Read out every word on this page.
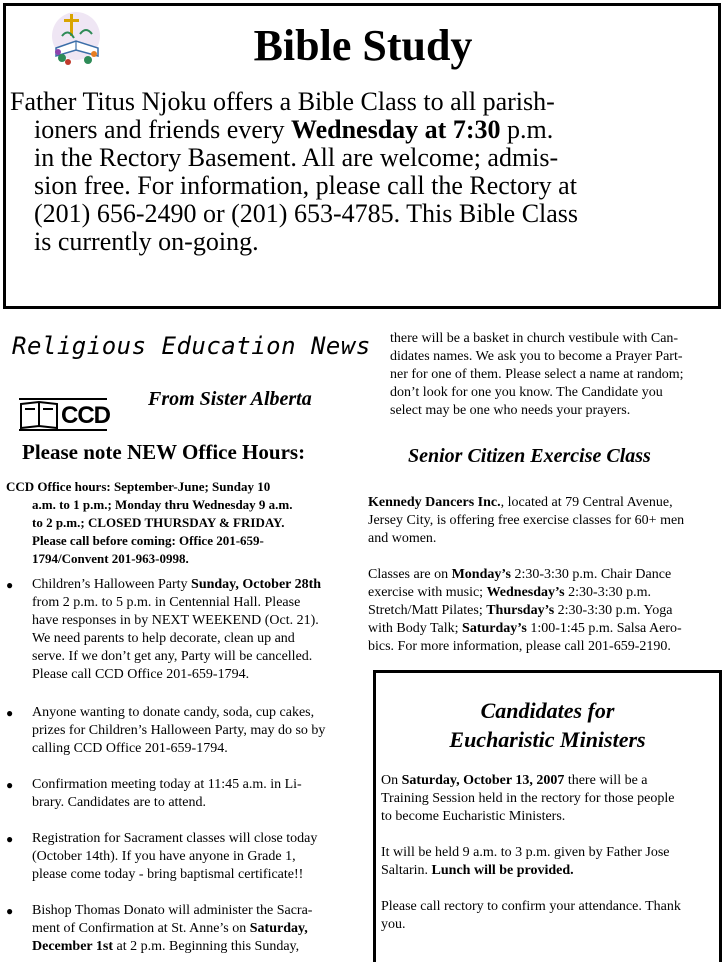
Bible Study
Father Titus Njoku offers a Bible Class to all parish-
ioners and friends every Wednesday at 7:30 p.m.
in the Rectory Basement. All are welcome; admis-
sion free. For information, please call the Rectory at
(201) 656-2490 or (201) 653-4785. This Bible Class
is currently on-going.
Religious Education News
CCD
From Sister Alberta
Please note NEW Office Hours:
CCD Office hours: September-June; Sunday 10
a.m. to 1 p.m.; Monday thru Wednesday 9 a.m.
to 2 p.m.; CLOSED THURSDAY & FRIDAY.
Please call before coming: Office 201-659-
1794/Convent 201-963-0998.
● Children’s Halloween Party Sunday, October 28th
from 2 p.m. to 5 p.m. in Centennial Hall. Please
have responses in by NEXT WEEKEND (Oct. 21).
We need parents to help decorate, clean up and
serve. If we don’t get any, Party will be cancelled.
Please call CCD Office 201-659-1794.
● Anyone wanting to donate candy, soda, cup cakes,
prizes for Children’s Halloween Party, may do so by
calling CCD Office 201-659-1794.
● Confirmation meeting today at 11:45 a.m. in Li-
brary. Candidates are to attend.
● Registration for Sacrament classes will close today
(October 14th). If you have anyone in Grade 1,
please come today - bring baptismal certificate!!
● Bishop Thomas Donato will administer the Sacra-
ment of Confirmation at St. Anne’s on Saturday,
December 1st at 2 p.m. Beginning this Sunday,
there will be a basket in church vestibule with Can-
didates names. We ask you to become a Prayer Part-
ner for one of them. Please select a name at random;
don’t look for one you know. The Candidate you
select may be one who needs your prayers.
Senior Citizen Exercise Class
Kennedy Dancers Inc., located at 79 Central Avenue,
Jersey City, is offering free exercise classes for 60+ men
and women.
Classes are on Monday’s 2:30-3:30 p.m. Chair Dance
exercise with music; Wednesday’s 2:30-3:30 p.m.
Stretch/Matt Pilates; Thursday’s 2:30-3:30 p.m. Yoga
with Body Talk; Saturday’s 1:00-1:45 p.m. Salsa Aero-
bics. For more information, please call 201-659-2190.
Candidates for
Eucharistic Ministers
On Saturday, October 13, 2007 there will be a
Training Session held in the rectory for those people
to become Eucharistic Ministers.

It will be held 9 a.m. to 3 p.m. given by Father Jose
Saltarin. Lunch will be provided.

Please call rectory to confirm your attendance. Thank
you.
